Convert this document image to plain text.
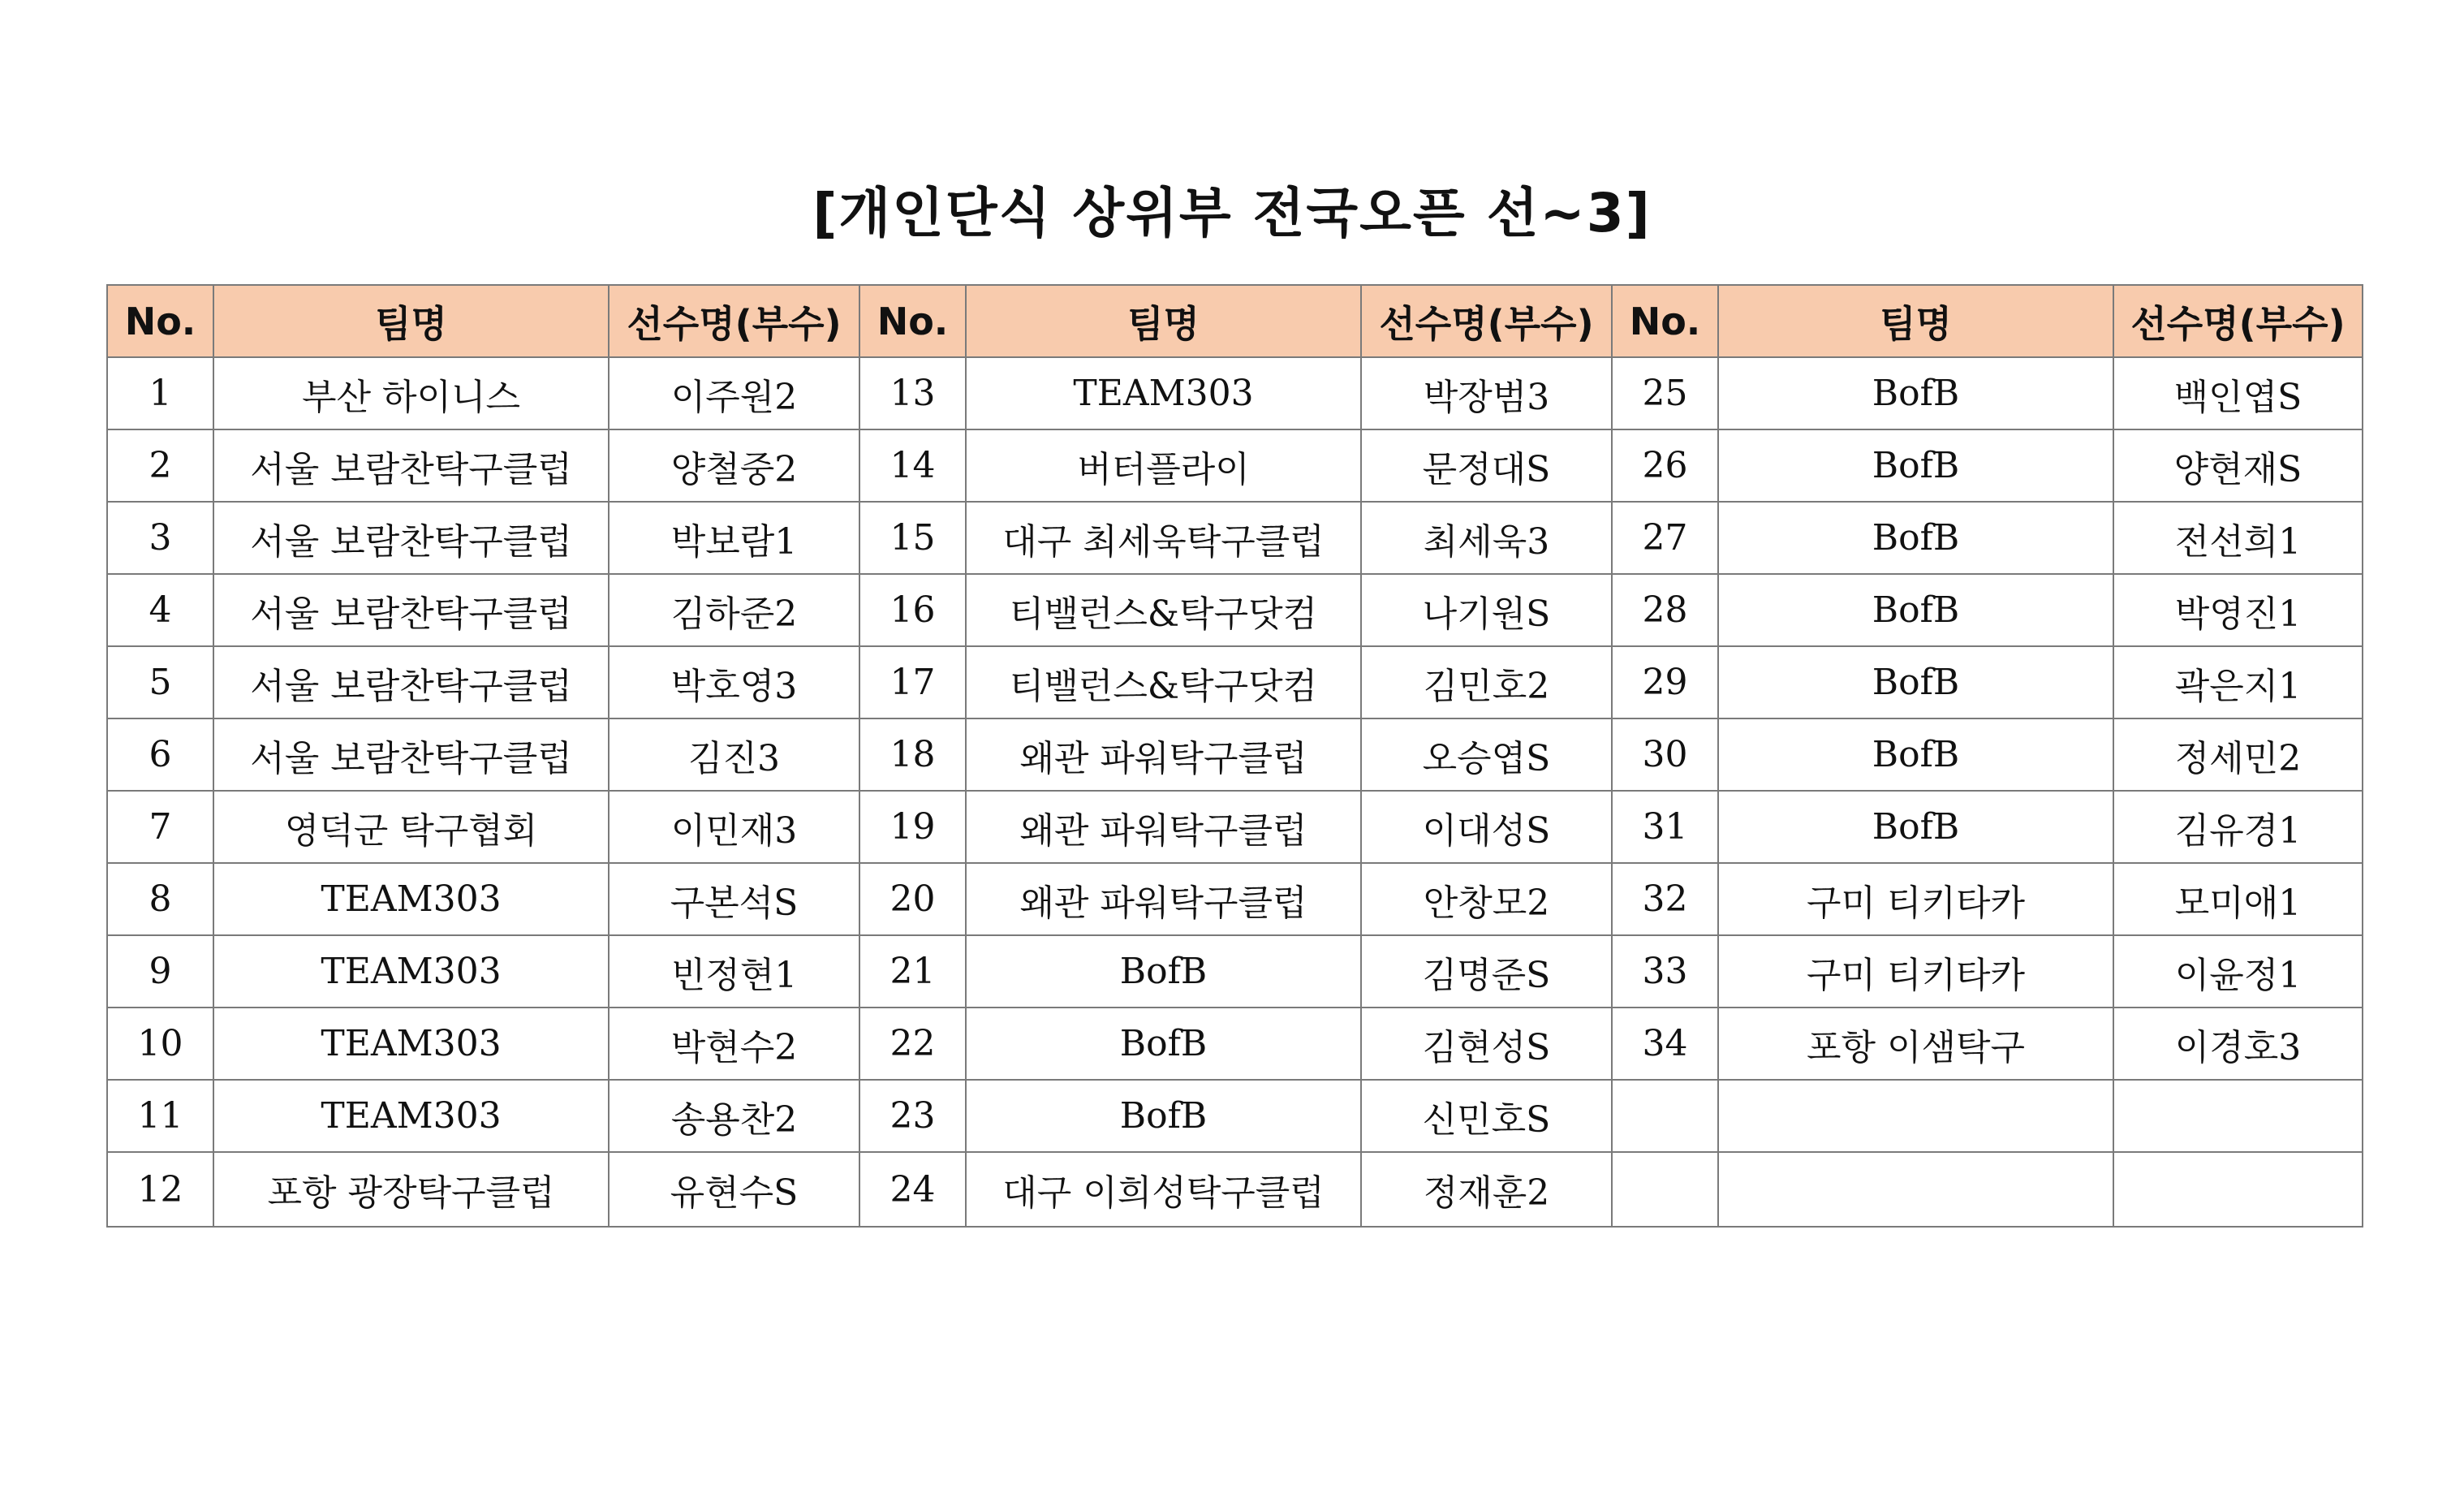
[개인단식 상위부 전국오픈 선~3]
No.	팀명	선수명(부수)	No.	팀명	선수명(부수)	No.	팀명	선수명(부수)
1	부산 하이니스	이주원2	13	TEAM303	박장범3	25	BofB	백인엽S
2	서울 보람찬탁구클럽	양철중2	14	버터플라이	문정대S	26	BofB	양현재S
3	서울 보람찬탁구클럽	박보람1	15	대구 최세욱탁구클럽	최세욱3	27	BofB	전선희1
4	서울 보람찬탁구클럽	김하준2	16	티밸런스&탁구닷컴	나기원S	28	BofB	박영진1
5	서울 보람찬탁구클럽	박호영3	17	티밸런스&탁구닷컴	김민호2	29	BofB	곽은지1
6	서울 보람찬탁구클럽	김진3	18	왜관 파워탁구클럽	오승엽S	30	BofB	정세민2
7	영덕군 탁구협회	이민재3	19	왜관 파워탁구클럽	이대성S	31	BofB	김유경1
8	TEAM303	구본석S	20	왜관 파워탁구클럽	안창모2	32	구미 티키타카	모미애1
9	TEAM303	빈정현1	21	BofB	김명준S	33	구미 티키타카	이윤정1
10	TEAM303	박현수2	22	BofB	김현성S	34	포항 이샘탁구	이경호3
11	TEAM303	송용찬2	23	BofB	신민호S			
12	포항 광장탁구클럽	유현수S	24	대구 이희성탁구클럽	정재훈2			
